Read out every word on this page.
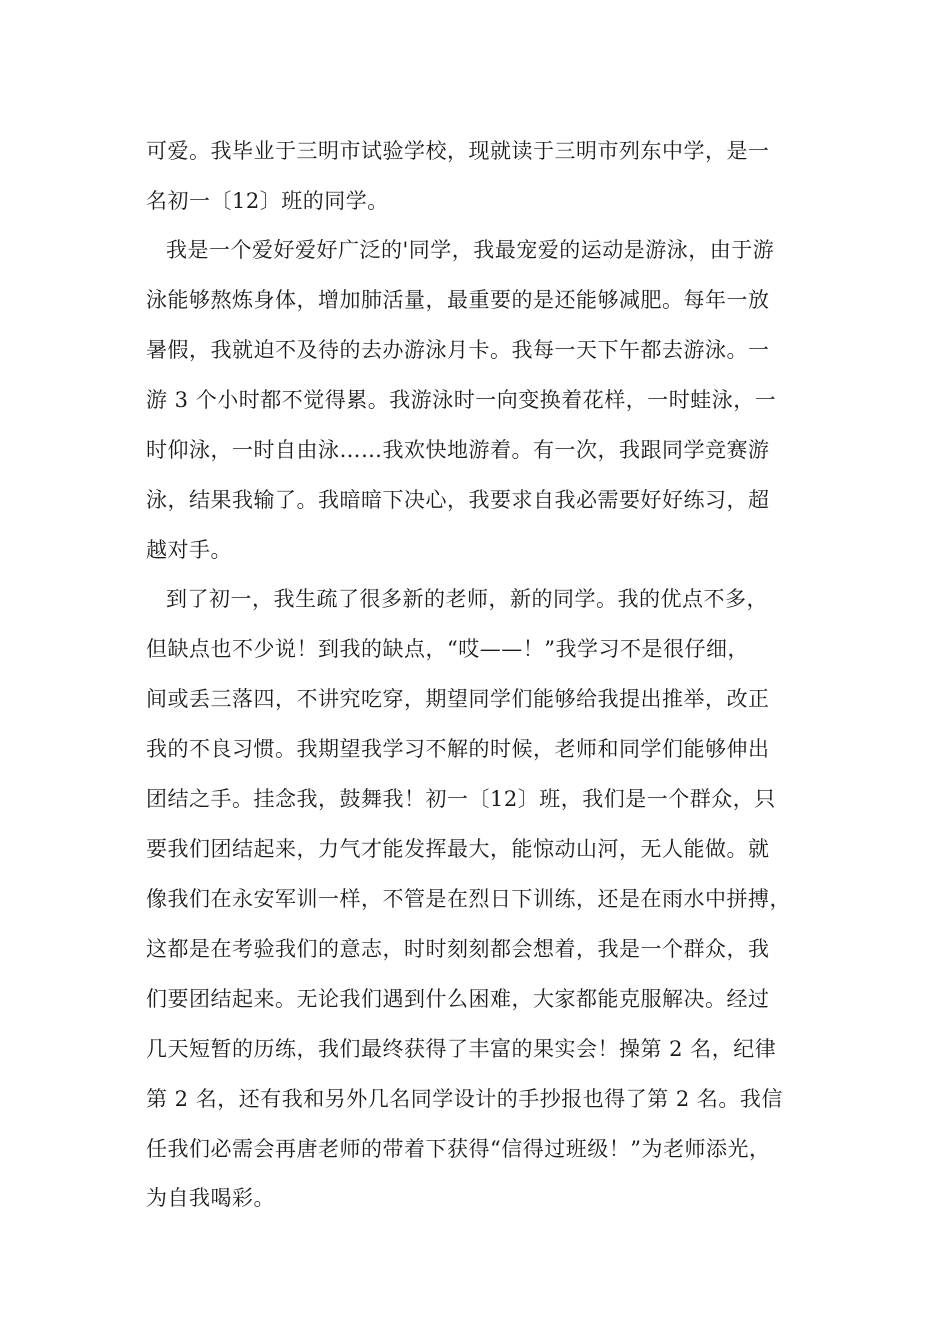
可爱。我毕业于三明市试验学校，现就读于三明市列东中学，是一
名初一〔12〕班的同学。
我是一个爱好爱好广泛的'同学，我最宠爱的运动是游泳，由于游
泳能够熬炼身体，增加肺活量，最重要的是还能够减肥。每年一放
暑假，我就迫不及待的去办游泳月卡。我每一天下午都去游泳。一
游 3 个小时都不觉得累。我游泳时一向变换着花样，一时蛙泳，一
时仰泳，一时自由泳……我欢快地游着。有一次，我跟同学竞赛游
泳，结果我输了。我暗暗下决心，我要求自我必需要好好练习，超
越对手。
到了初一，我生疏了很多新的老师，新的同学。我的优点不多，
但缺点也不少说！到我的缺点，“哎——！”我学习不是很仔细，
间或丢三落四，不讲究吃穿，期望同学们能够给我提出推举，改正
我的不良习惯。我期望我学习不解的时候，老师和同学们能够伸出
团结之手。挂念我，鼓舞我！初一〔12〕班，我们是一个群众，只
要我们团结起来，力气才能发挥最大，能惊动山河，无人能做。就
像我们在永安军训一样，不管是在烈日下训练，还是在雨水中拼搏，
这都是在考验我们的意志，时时刻刻都会想着，我是一个群众，我
们要团结起来。无论我们遇到什么困难，大家都能克服解决。经过
几天短暂的历练，我们最终获得了丰富的果实会！操第 2 名，纪律
第 2 名，还有我和另外几名同学设计的手抄报也得了第 2 名。我信
任我们必需会再唐老师的带着下获得“信得过班级！”为老师添光，
为自我喝彩。
